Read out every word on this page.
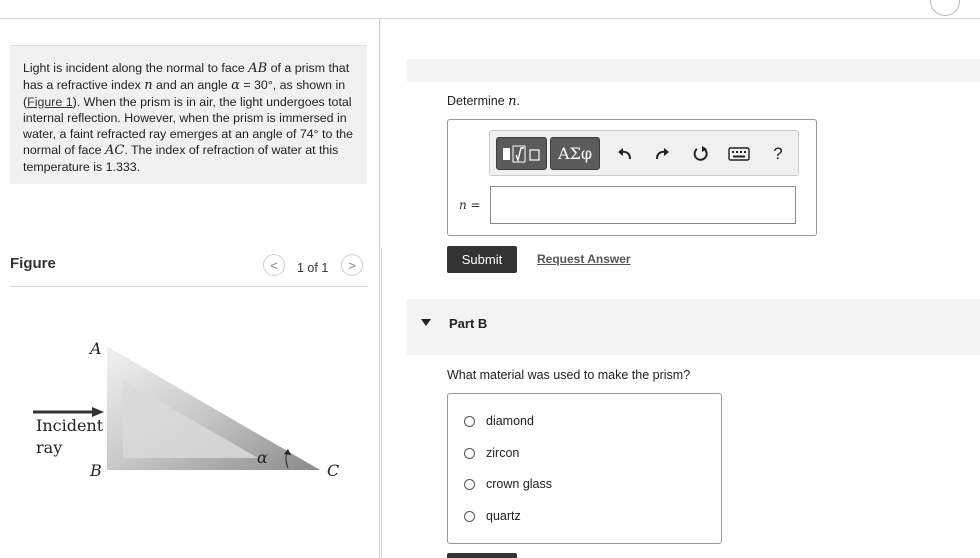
Light is incident along the normal to face AB of a prism that has a refractive index n and an angle α = 30°, as shown in (Figure 1). When the prism is in air, the light undergoes total internal reflection. However, when the prism is immersed in water, a faint refracted ray emerges at an angle of 74° to the normal of face AC. The index of refraction of water at this temperature is 1.333.
Figure	< 1 of 1 >
A
B	C
α
Incident
ray
Determine n.
ΑΣφ	?
n =
Submit	Request Answer
Part B
What material was used to make the prism?
diamond
zircon
crown glass
quartz
